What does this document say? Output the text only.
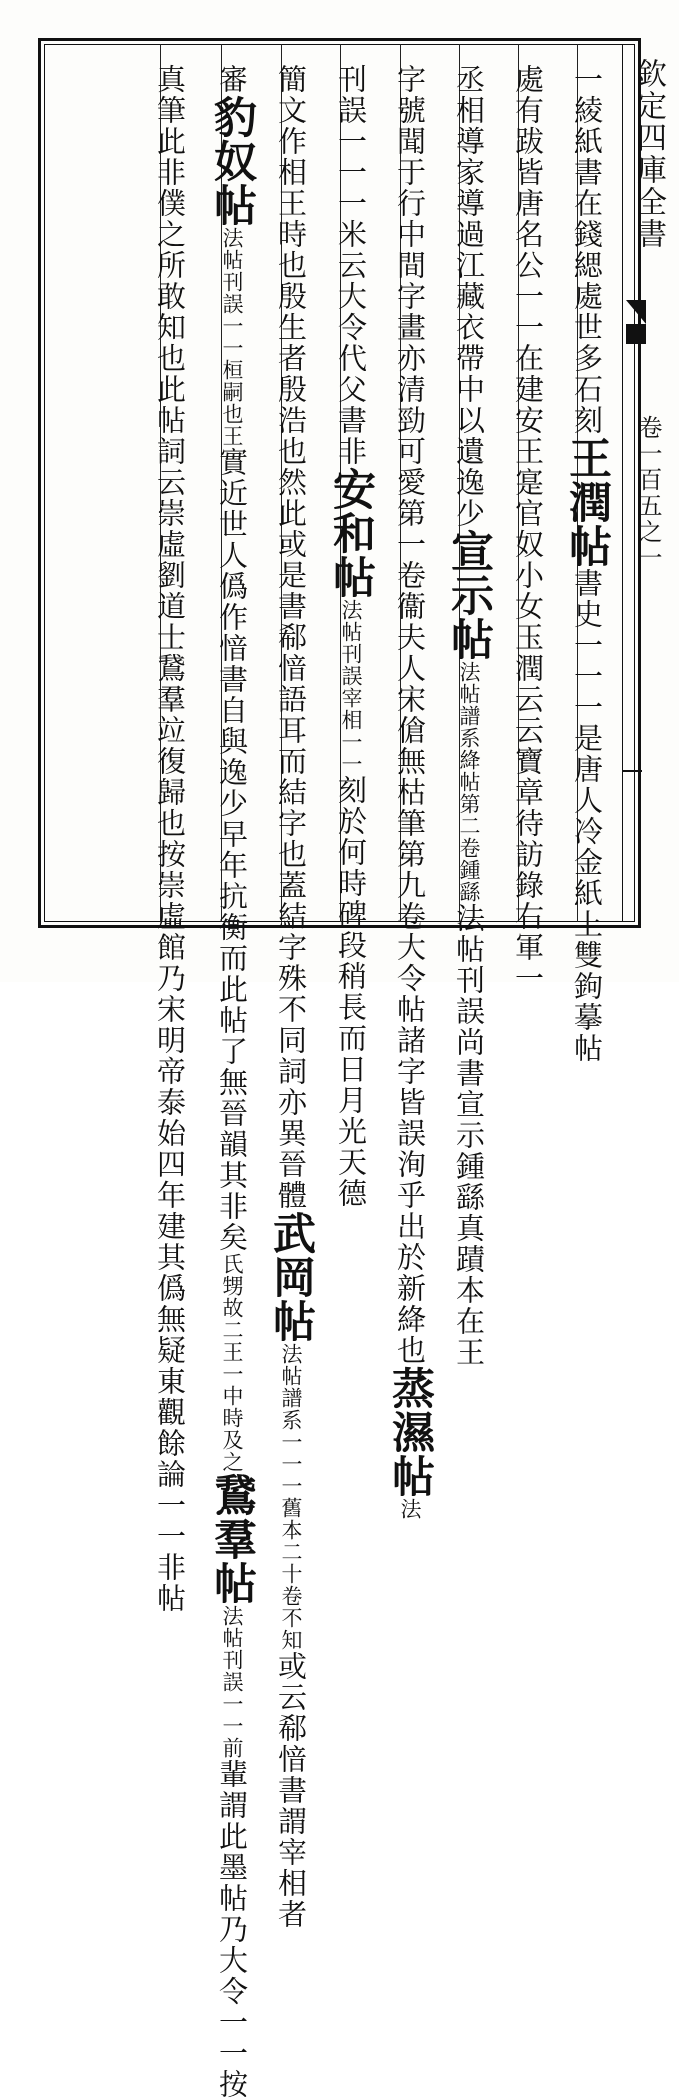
欽定四庫全書
卷一百五之一
一綾紙書在錢緦處世多石刻王潤帖書史一一一是唐人冷金紙上雙鉤摹帖
處有跋皆唐名公一一在建安王寔官奴小女玉潤云云寶章待訪錄右軍一
丞相導家導過江藏衣帶中以遺逸少宣示帖法帖譜系絳帖第二卷鍾繇法帖刊誤尚書宣示鍾繇真蹟本在王
字號聞于行中間字畫亦清勁可愛第一卷衞夫人宋傖無枯筆第九卷大令帖諸字皆誤洵乎出於新絳也蒸濕帖法
刊誤一一一米云大令代父書非安和帖法帖刊誤宰相一一刻於何時碑段稍長而日月光天德
簡文作相王時也殷生者殷浩也然此或是書郗愔語耳而結字也蓋結字殊不同詞亦異晉體武岡帖法帖譜系一一一舊本二十卷不知或云郗愔書謂宰相者
審豹奴帖法帖刊誤一一桓嗣也王實近世人僞作愔書自與逸少早年抗衡而此帖了無晉韻其非矣氏甥故二王一中時及之鵞羣帖法帖刊誤一一前輩謂此墨帖乃大令一一按
真筆此非僕之所敢知也此帖詞云崇虛劉道士鵞羣竝復歸也按崇虛館乃宋明帝泰始四年建其僞無疑東觀餘論一一非帖
